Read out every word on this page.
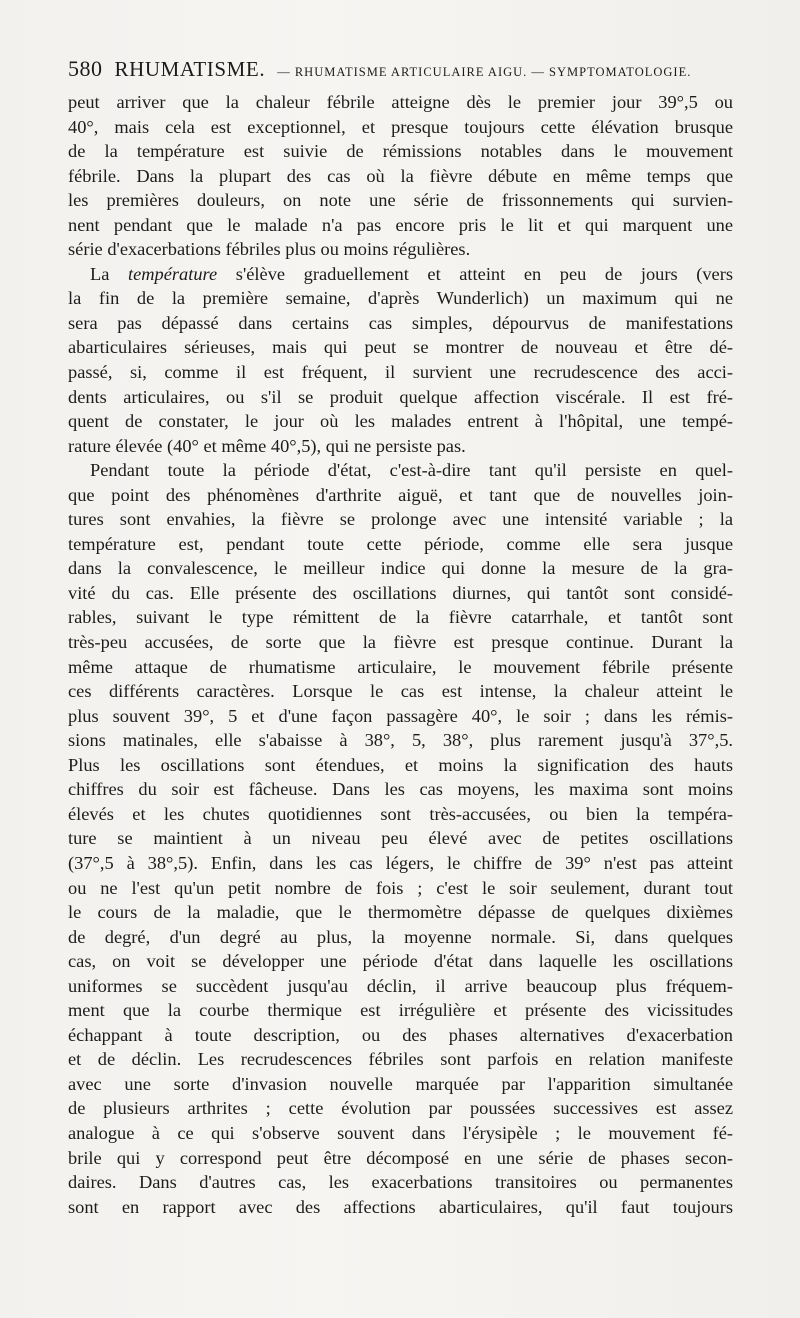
580 RHUMATISME. — RHUMATISME ARTICULAIRE AIGU. — SYMPTOMATOLOGIE.
peut arriver que la chaleur fébrile atteigne dès le premier jour 39°,5 ou
40°, mais cela est exceptionnel, et presque toujours cette élévation brusque
de la température est suivie de rémissions notables dans le mouvement
fébrile. Dans la plupart des cas où la fièvre débute en même temps que
les premières douleurs, on note une série de frissonnements qui survien-
nent pendant que le malade n'a pas encore pris le lit et qui marquent une
série d'exacerbations fébriles plus ou moins régulières.
La température s'élève graduellement et atteint en peu de jours (vers
la fin de la première semaine, d'après Wunderlich) un maximum qui ne
sera pas dépassé dans certains cas simples, dépourvus de manifestations
abarticulaires sérieuses, mais qui peut se montrer de nouveau et être dé-
passé, si, comme il est fréquent, il survient une recrudescence des acci-
dents articulaires, ou s'il se produit quelque affection viscérale. Il est fré-
quent de constater, le jour où les malades entrent à l'hôpital, une tempé-
rature élevée (40° et même 40°,5), qui ne persiste pas.
Pendant toute la période d'état, c'est-à-dire tant qu'il persiste en quel-
que point des phénomènes d'arthrite aiguë, et tant que de nouvelles join-
tures sont envahies, la fièvre se prolonge avec une intensité variable ; la
température est, pendant toute cette période, comme elle sera jusque
dans la convalescence, le meilleur indice qui donne la mesure de la gra-
vité du cas. Elle présente des oscillations diurnes, qui tantôt sont considé-
rables, suivant le type rémittent de la fièvre catarrhale, et tantôt sont
très-peu accusées, de sorte que la fièvre est presque continue. Durant la
même attaque de rhumatisme articulaire, le mouvement fébrile présente
ces différents caractères. Lorsque le cas est intense, la chaleur atteint le
plus souvent 39°, 5 et d'une façon passagère 40°, le soir ; dans les rémis-
sions matinales, elle s'abaisse à 38°, 5, 38°, plus rarement jusqu'à 37°,5.
Plus les oscillations sont étendues, et moins la signification des hauts
chiffres du soir est fâcheuse. Dans les cas moyens, les maxima sont moins
élevés et les chutes quotidiennes sont très-accusées, ou bien la tempéra-
ture se maintient à un niveau peu élevé avec de petites oscillations
(37°,5 à 38°,5). Enfin, dans les cas légers, le chiffre de 39° n'est pas atteint
ou ne l'est qu'un petit nombre de fois ; c'est le soir seulement, durant tout
le cours de la maladie, que le thermomètre dépasse de quelques dixièmes
de degré, d'un degré au plus, la moyenne normale. Si, dans quelques
cas, on voit se développer une période d'état dans laquelle les oscillations
uniformes se succèdent jusqu'au déclin, il arrive beaucoup plus fréquem-
ment que la courbe thermique est irrégulière et présente des vicissitudes
échappant à toute description, ou des phases alternatives d'exacerbation
et de déclin. Les recrudescences fébriles sont parfois en relation manifeste
avec une sorte d'invasion nouvelle marquée par l'apparition simultanée
de plusieurs arthrites ; cette évolution par poussées successives est assez
analogue à ce qui s'observe souvent dans l'érysipèle ; le mouvement fé-
brile qui y correspond peut être décomposé en une série de phases secon-
daires. Dans d'autres cas, les exacerbations transitoires ou permanentes
sont en rapport avec des affections abarticulaires, qu'il faut toujours
